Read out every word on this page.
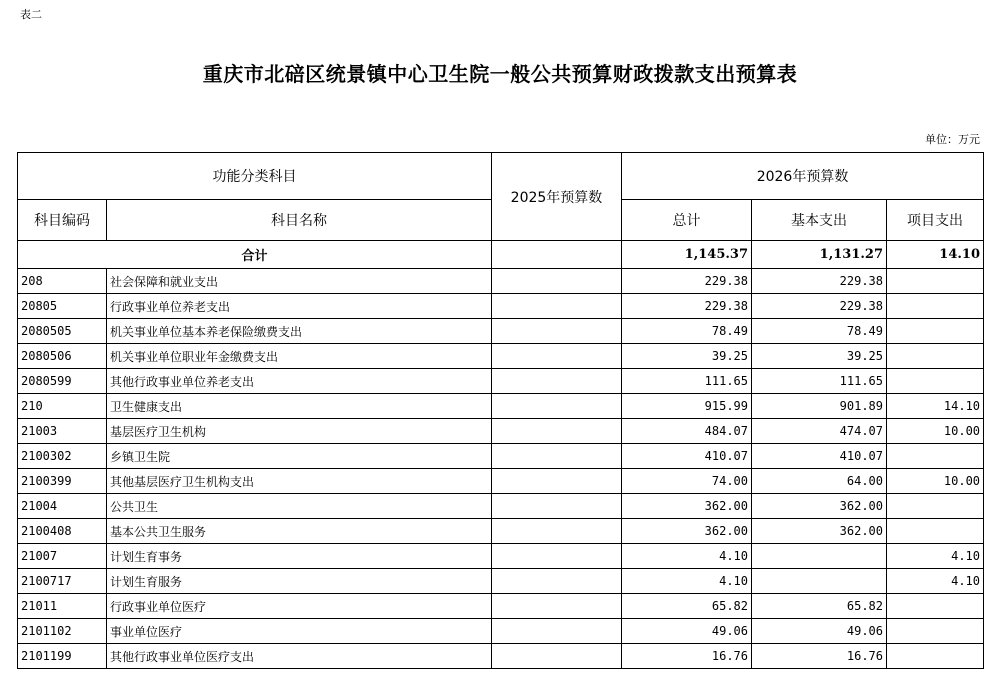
表二
重庆市北碚区统景镇中心卫生院一般公共预算财政拨款支出预算表
单位：万元
功能分类科目		2025年预算数	2026年预算数		
科目编码	科目名称		总计	基本支出	项目支出
合计			1,145.37	1,131.27	14.10
208	社会保障和就业支出		229.38	229.38	
20805	行政事业单位养老支出		229.38	229.38	
2080505	机关事业单位基本养老保险缴费支出		78.49	78.49	
2080506	机关事业单位职业年金缴费支出		39.25	39.25	
2080599	其他行政事业单位养老支出		111.65	111.65	
210	卫生健康支出		915.99	901.89	14.10
21003	基层医疗卫生机构		484.07	474.07	10.00
2100302	乡镇卫生院		410.07	410.07	
2100399	其他基层医疗卫生机构支出		74.00	64.00	10.00
21004	公共卫生		362.00	362.00	
2100408	基本公共卫生服务		362.00	362.00	
21007	计划生育事务		4.10		4.10
2100717	计划生育服务		4.10		4.10
21011	行政事业单位医疗		65.82	65.82	
2101102	事业单位医疗		49.06	49.06	
2101199	其他行政事业单位医疗支出		16.76	16.76	
